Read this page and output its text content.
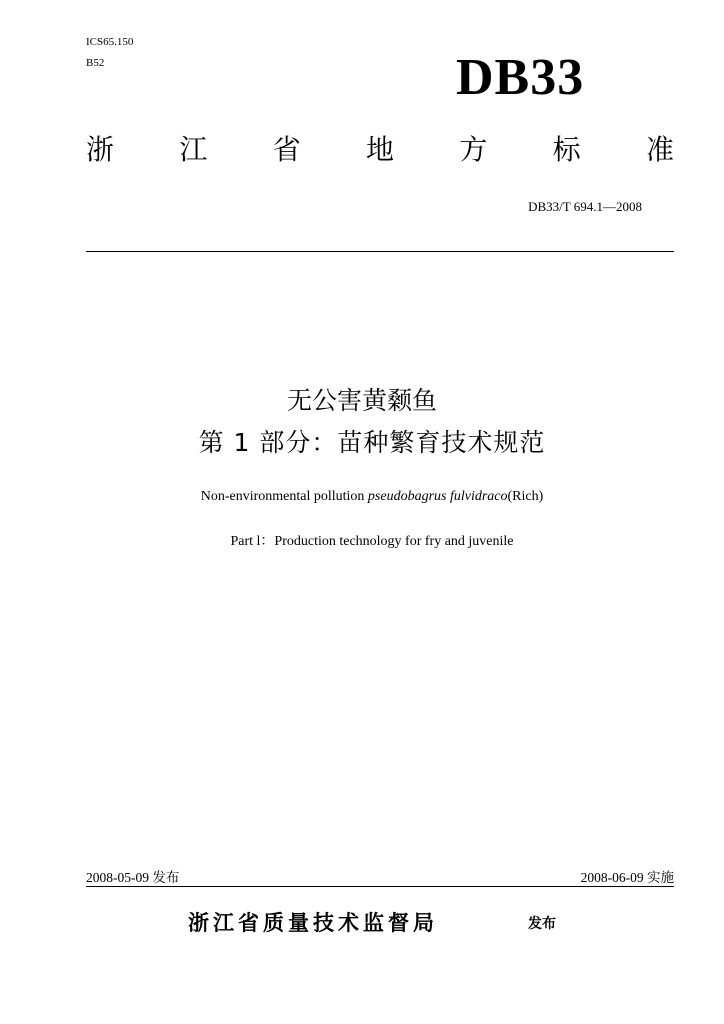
ICS65.150
B52	DB33
浙 江 省 地 方 标 准
DB33/T 694.1—2008
无公害黄颡鱼
第 1 部分：苗种繁育技术规范
Non-environmental pollution pseudobagrus fulvidraco(Rich)
Part l：Production technology for fry and juvenile
2008-05-09 发布	2008-06-09 实施
浙江省质量技术监督局	发布
